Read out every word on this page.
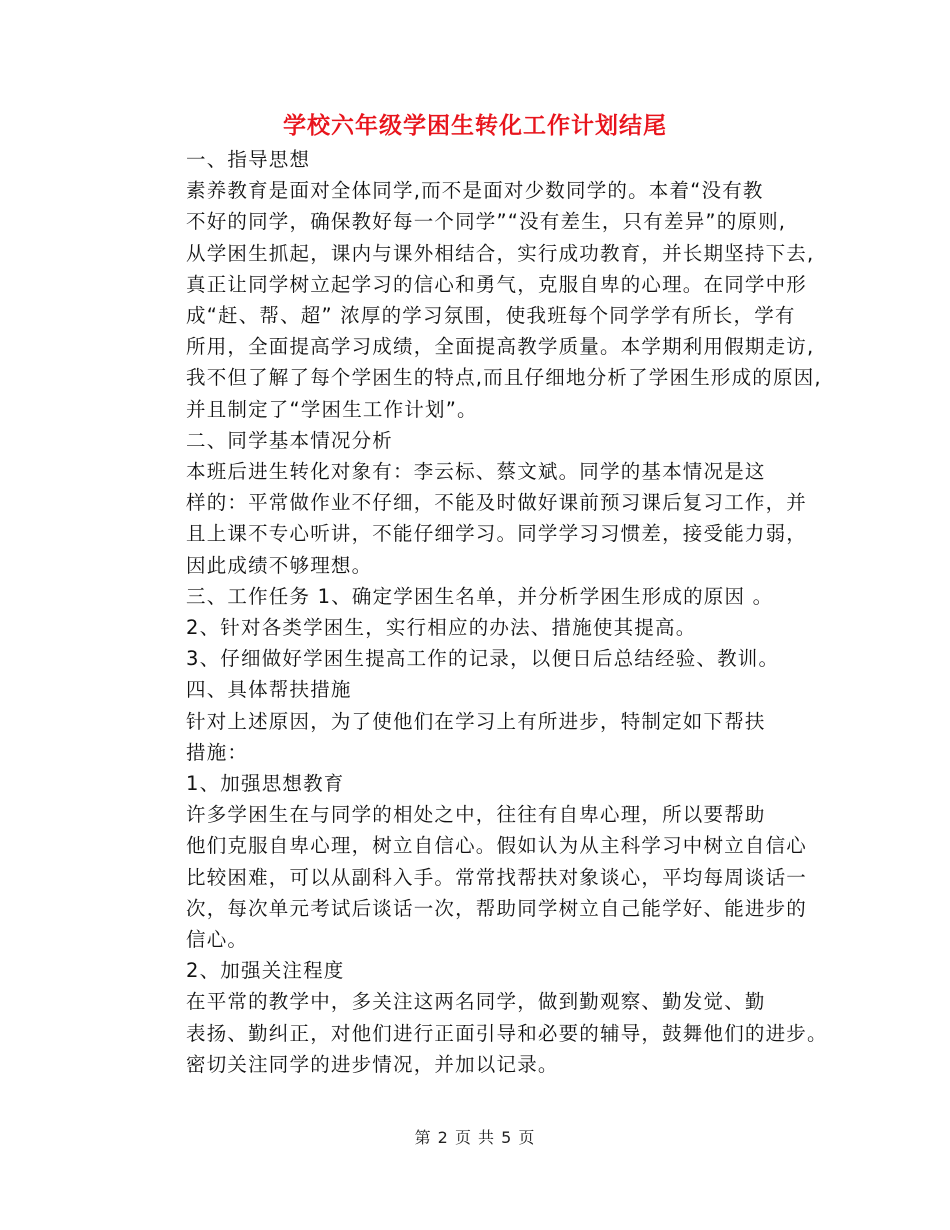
学校六年级学困生转化工作计划结尾

一、指导思想

素养教育是面对全体同学,而不是面对少数同学的。本着“没有教
不好的同学，确保教好每一个同学”“没有差生，只有差异”的原则,
从学困生抓起，课内与课外相结合，实行成功教育，并长期坚持下去,
真正让同学树立起学习的信心和勇气，克服自卑的心理。在同学中形
成“赶、帮、超” 浓厚的学习氛围，使我班每个同学学有所长，学有
所用，全面提高学习成绩，全面提高教学质量。本学期利用假期走访,
我不但了解了每个学困生的特点,而且仔细地分析了学困生形成的原因,
并且制定了“学困生工作计划”。

二、同学基本情况分析

本班后进生转化对象有：李云标、蔡文斌。同学的基本情况是这
样的：平常做作业不仔细，不能及时做好课前预习课后复习工作，并
且上课不专心听讲，不能仔细学习。同学学习习惯差，接受能力弱，
因此成绩不够理想。

三、工作任务 1、确定学困生名单，并分析学困生形成的原因 。

2、针对各类学困生，实行相应的办法、措施使其提高。

3、仔细做好学困生提高工作的记录，以便日后总结经验、教训。

四、具体帮扶措施

针对上述原因，为了使他们在学习上有所进步，特制定如下帮扶
措施：

1、加强思想教育

许多学困生在与同学的相处之中，往往有自卑心理，所以要帮助
他们克服自卑心理，树立自信心。假如认为从主科学习中树立自信心
比较困难，可以从副科入手。常常找帮扶对象谈心，平均每周谈话一
次，每次单元考试后谈话一次，帮助同学树立自己能学好、能进步的
信心。

2、加强关注程度

在平常的教学中，多关注这两名同学，做到勤观察、勤发觉、勤
表扬、勤纠正，对他们进行正面引导和必要的辅导，鼓舞他们的进步。
密切关注同学的进步情况，并加以记录。

第 2 页 共 5 页
